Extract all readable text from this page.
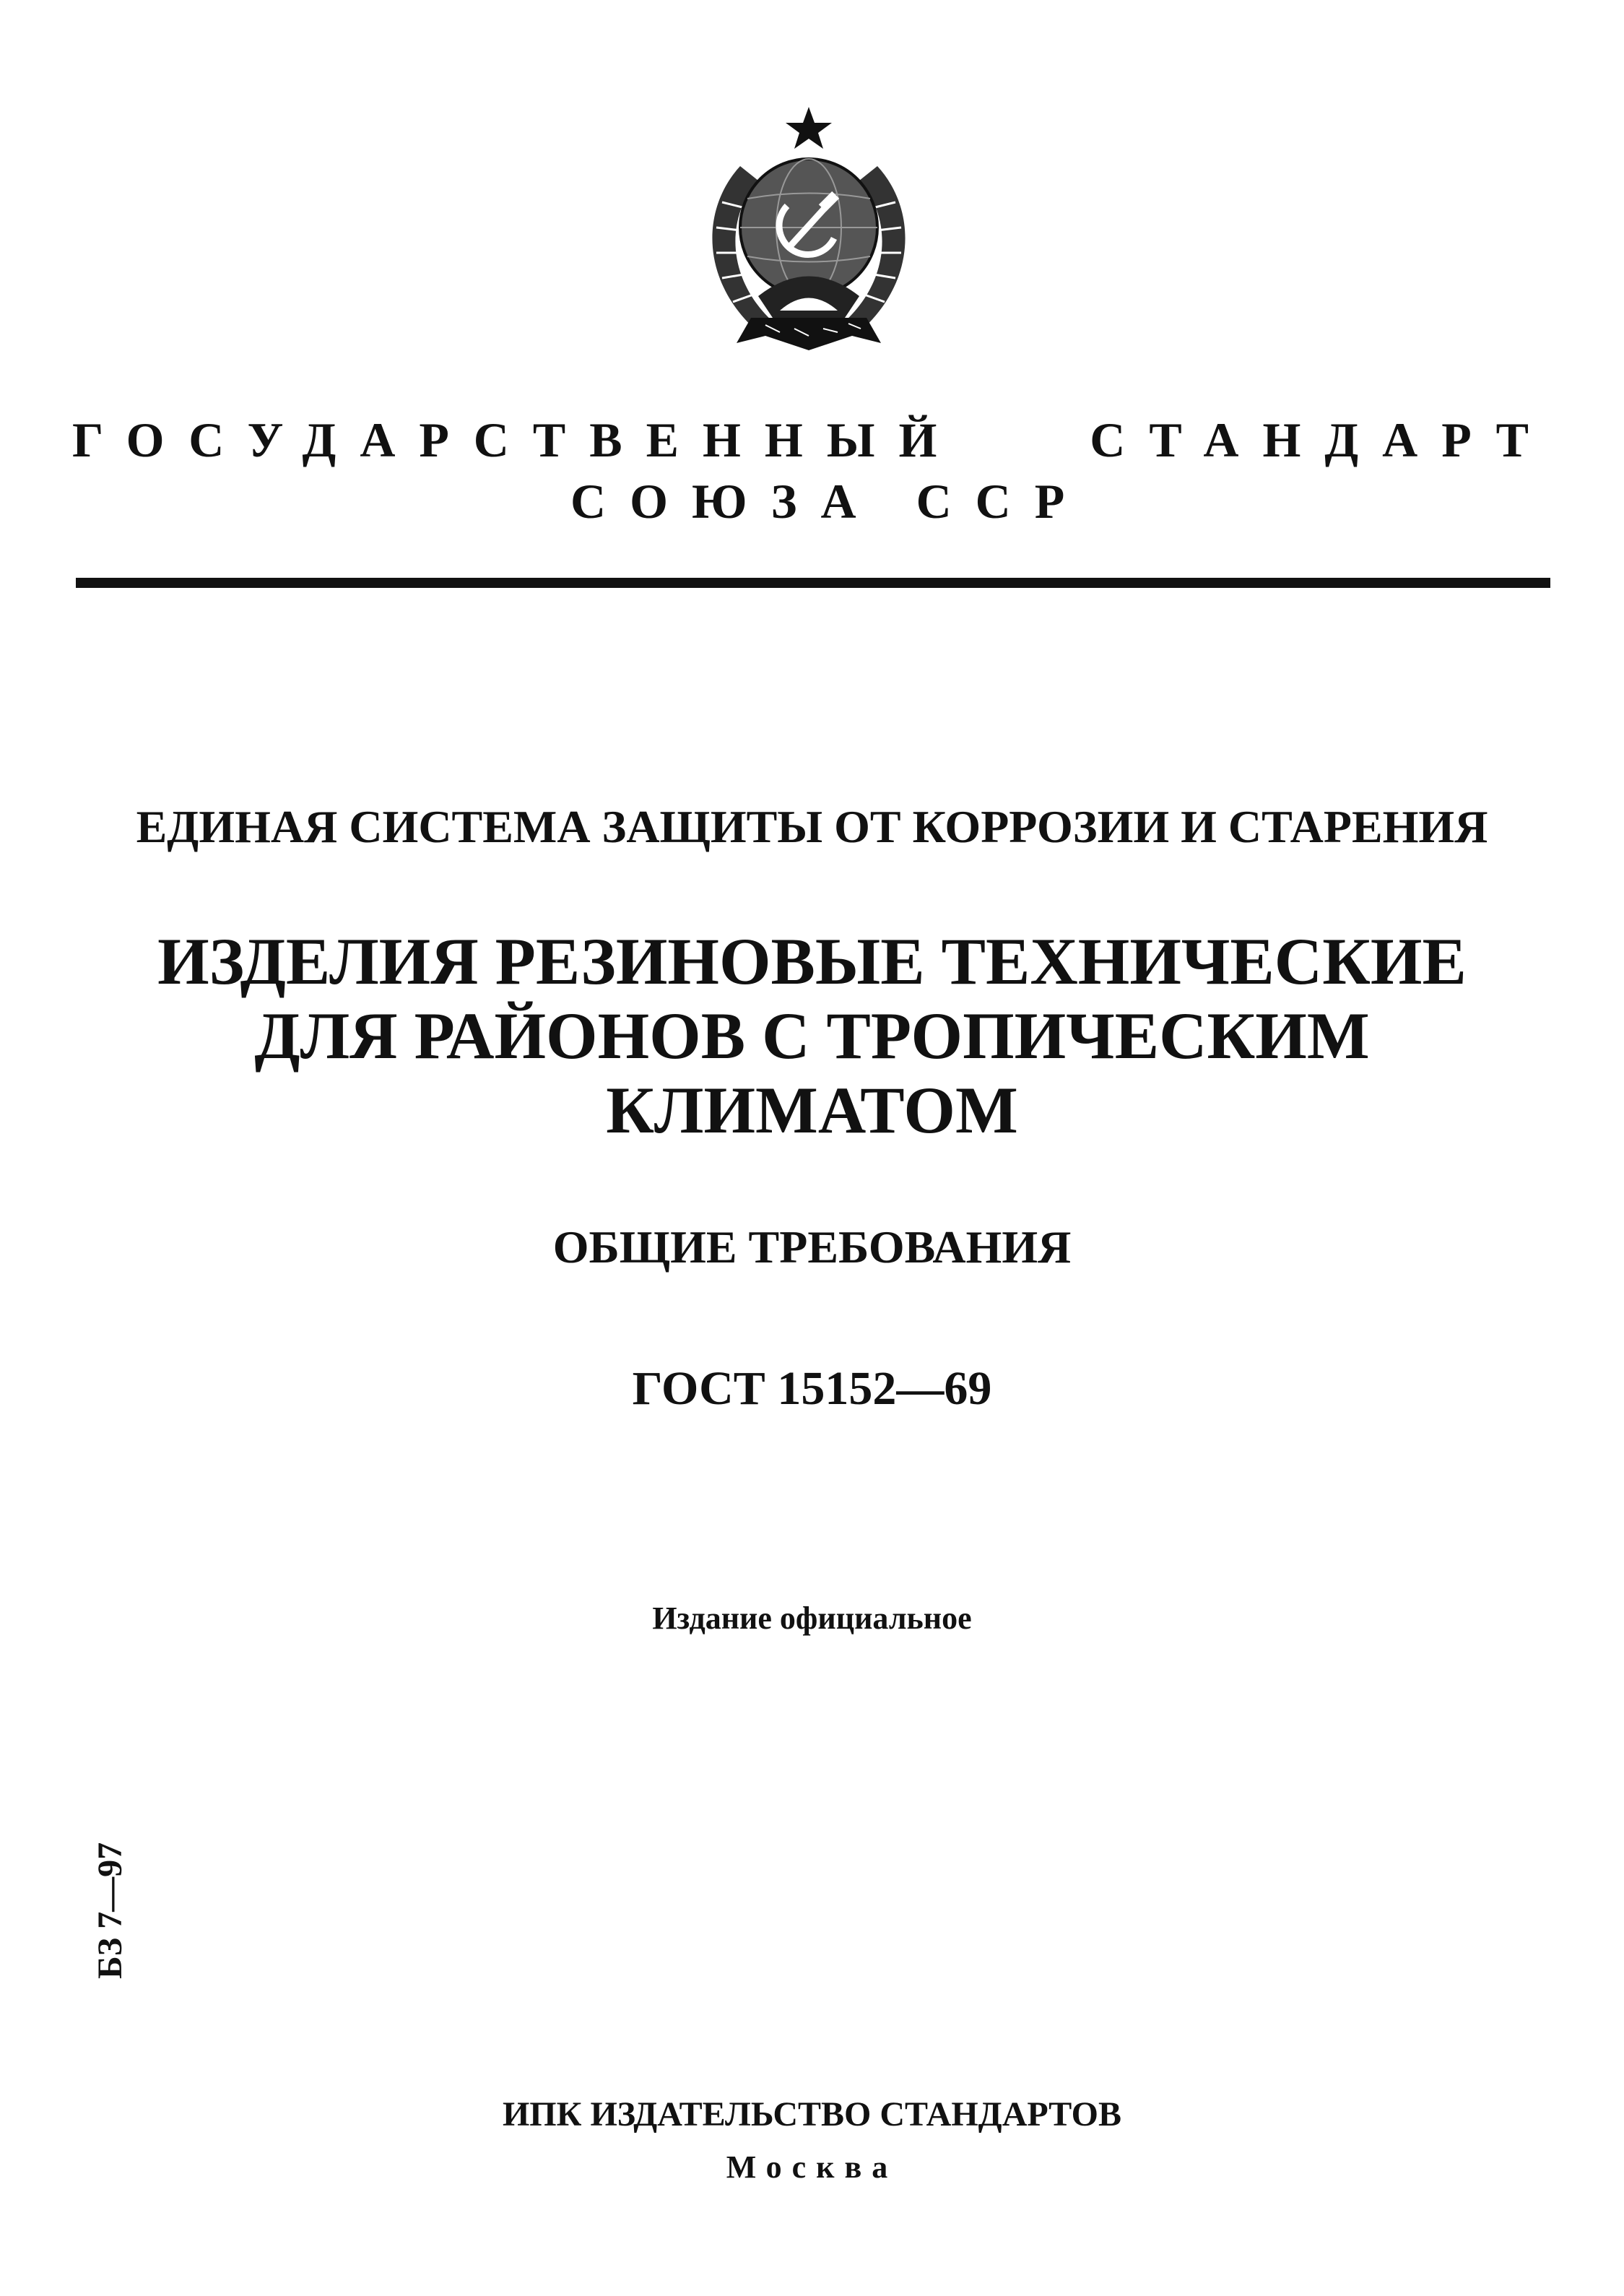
ГОСУДАРСТВЕННЫЙ	СТАНДАРТ
СОЮЗА ССР
ЕДИНАЯ СИСТЕМА ЗАЩИТЫ ОТ КОРРОЗИИ И СТАРЕНИЯ
ИЗДЕЛИЯ РЕЗИНОВЫЕ ТЕХНИЧЕСКИЕ
ДЛЯ РАЙОНОВ С ТРОПИЧЕСКИМ
КЛИМАТОМ
ОБЩИЕ ТРЕБОВАНИЯ
ГОСТ 15152—69
Издание официальное
БЗ 7—97
ИПК ИЗДАТЕЛЬСТВО СТАНДАРТОВ
Москва
